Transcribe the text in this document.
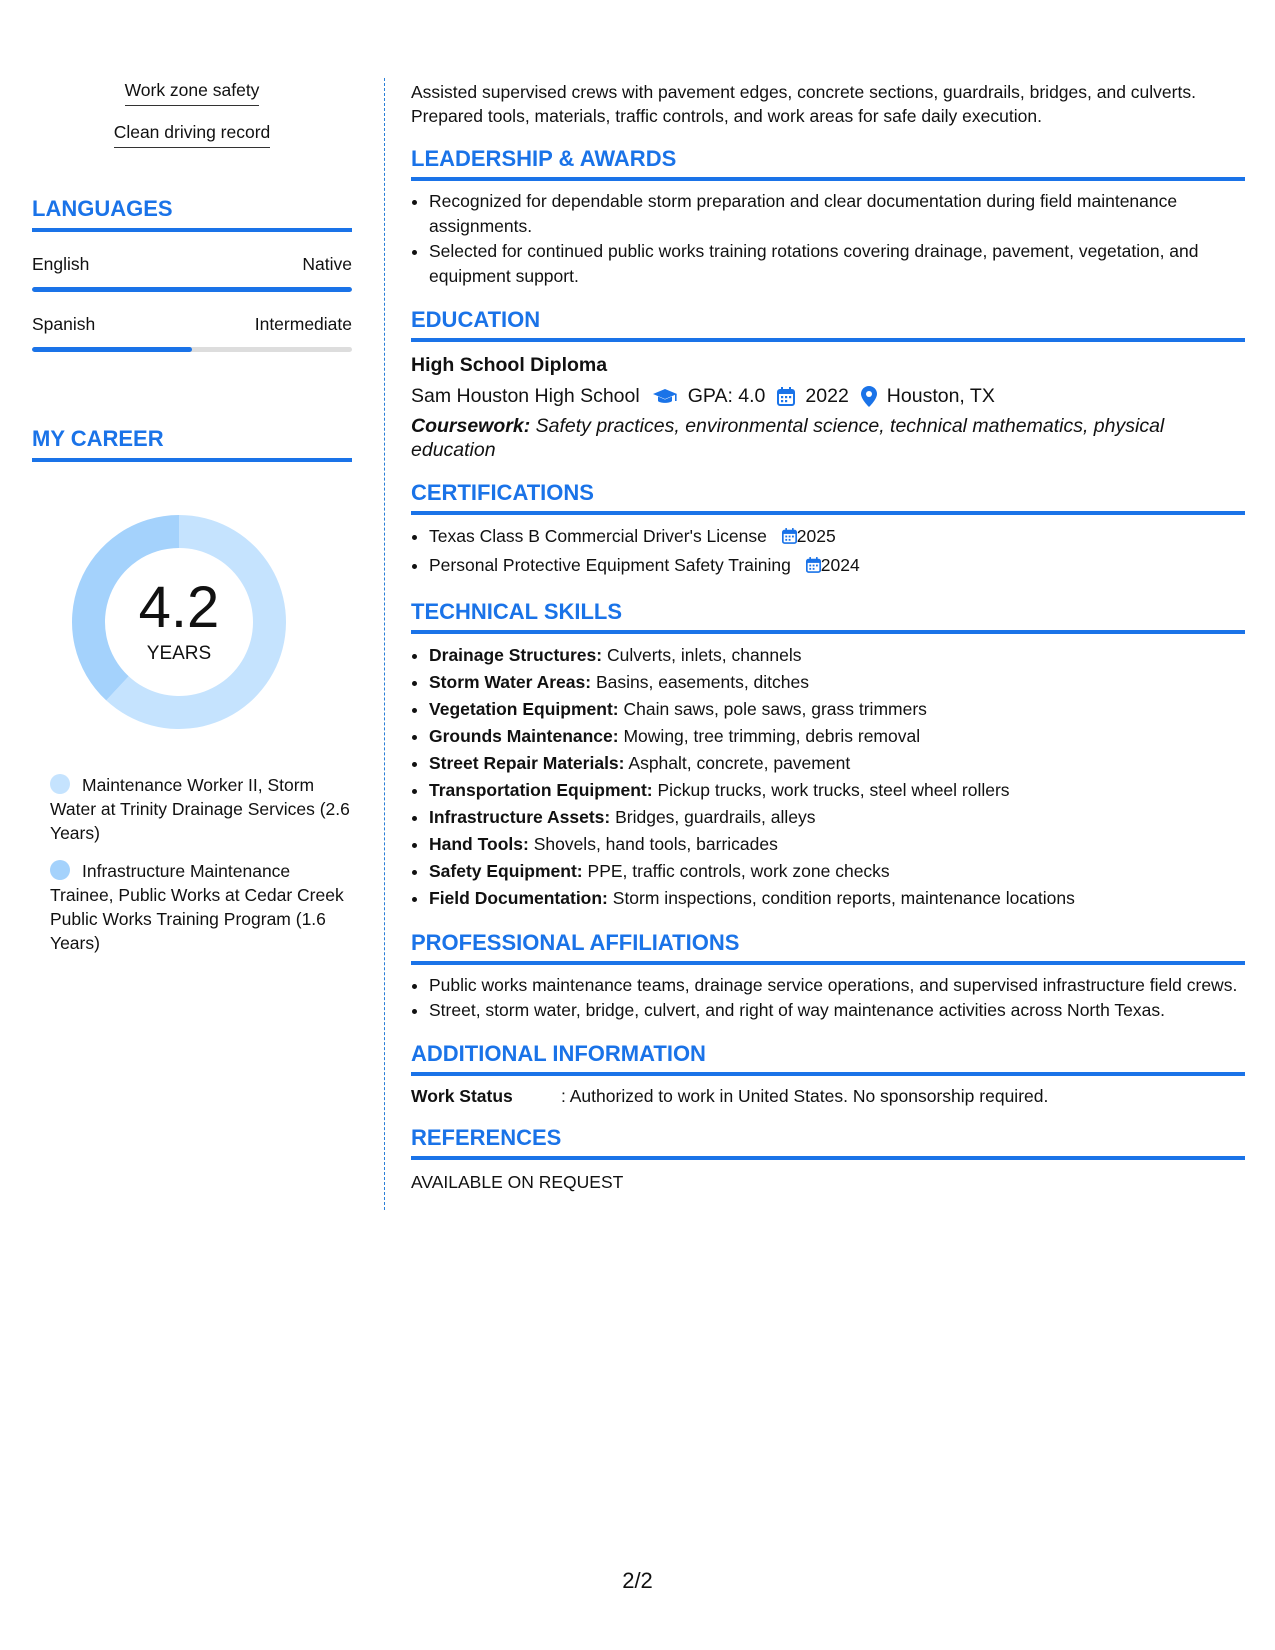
Work zone safety
Clean driving record
LANGUAGES
English	Native
Spanish	Intermediate
MY CAREER
4.2
YEARS
Maintenance Worker II, Storm Water at Trinity Drainage Services (2.6 Years)
Infrastructure Maintenance Trainee, Public Works at Cedar Creek Public Works Training Program (1.6 Years)

Assisted supervised crews with pavement edges, concrete sections, guardrails, bridges, and culverts. Prepared tools, materials, traffic controls, and work areas for safe daily execution.

LEADERSHIP & AWARDS
• Recognized for dependable storm preparation and clear documentation during field maintenance assignments.
• Selected for continued public works training rotations covering drainage, pavement, vegetation, and equipment support.
EDUCATION
High School Diploma
Sam Houston High School GPA: 4.0 2022 Houston, TX
Coursework: Safety practices, environmental science, technical mathematics, physical education
CERTIFICATIONS
• Texas Class B Commercial Driver's License 2025
• Personal Protective Equipment Safety Training 2024
TECHNICAL SKILLS
• Drainage Structures: Culverts, inlets, channels
• Storm Water Areas: Basins, easements, ditches
• Vegetation Equipment: Chain saws, pole saws, grass trimmers
• Grounds Maintenance: Mowing, tree trimming, debris removal
• Street Repair Materials: Asphalt, concrete, pavement
• Transportation Equipment: Pickup trucks, work trucks, steel wheel rollers
• Infrastructure Assets: Bridges, guardrails, alleys
• Hand Tools: Shovels, hand tools, barricades
• Safety Equipment: PPE, traffic controls, work zone checks
• Field Documentation: Storm inspections, condition reports, maintenance locations
PROFESSIONAL AFFILIATIONS
• Public works maintenance teams, drainage service operations, and supervised infrastructure field crews.
• Street, storm water, bridge, culvert, and right of way maintenance activities across North Texas.
ADDITIONAL INFORMATION
Work Status	: Authorized to work in United States. No sponsorship required.
REFERENCES
AVAILABLE ON REQUEST
2/2
